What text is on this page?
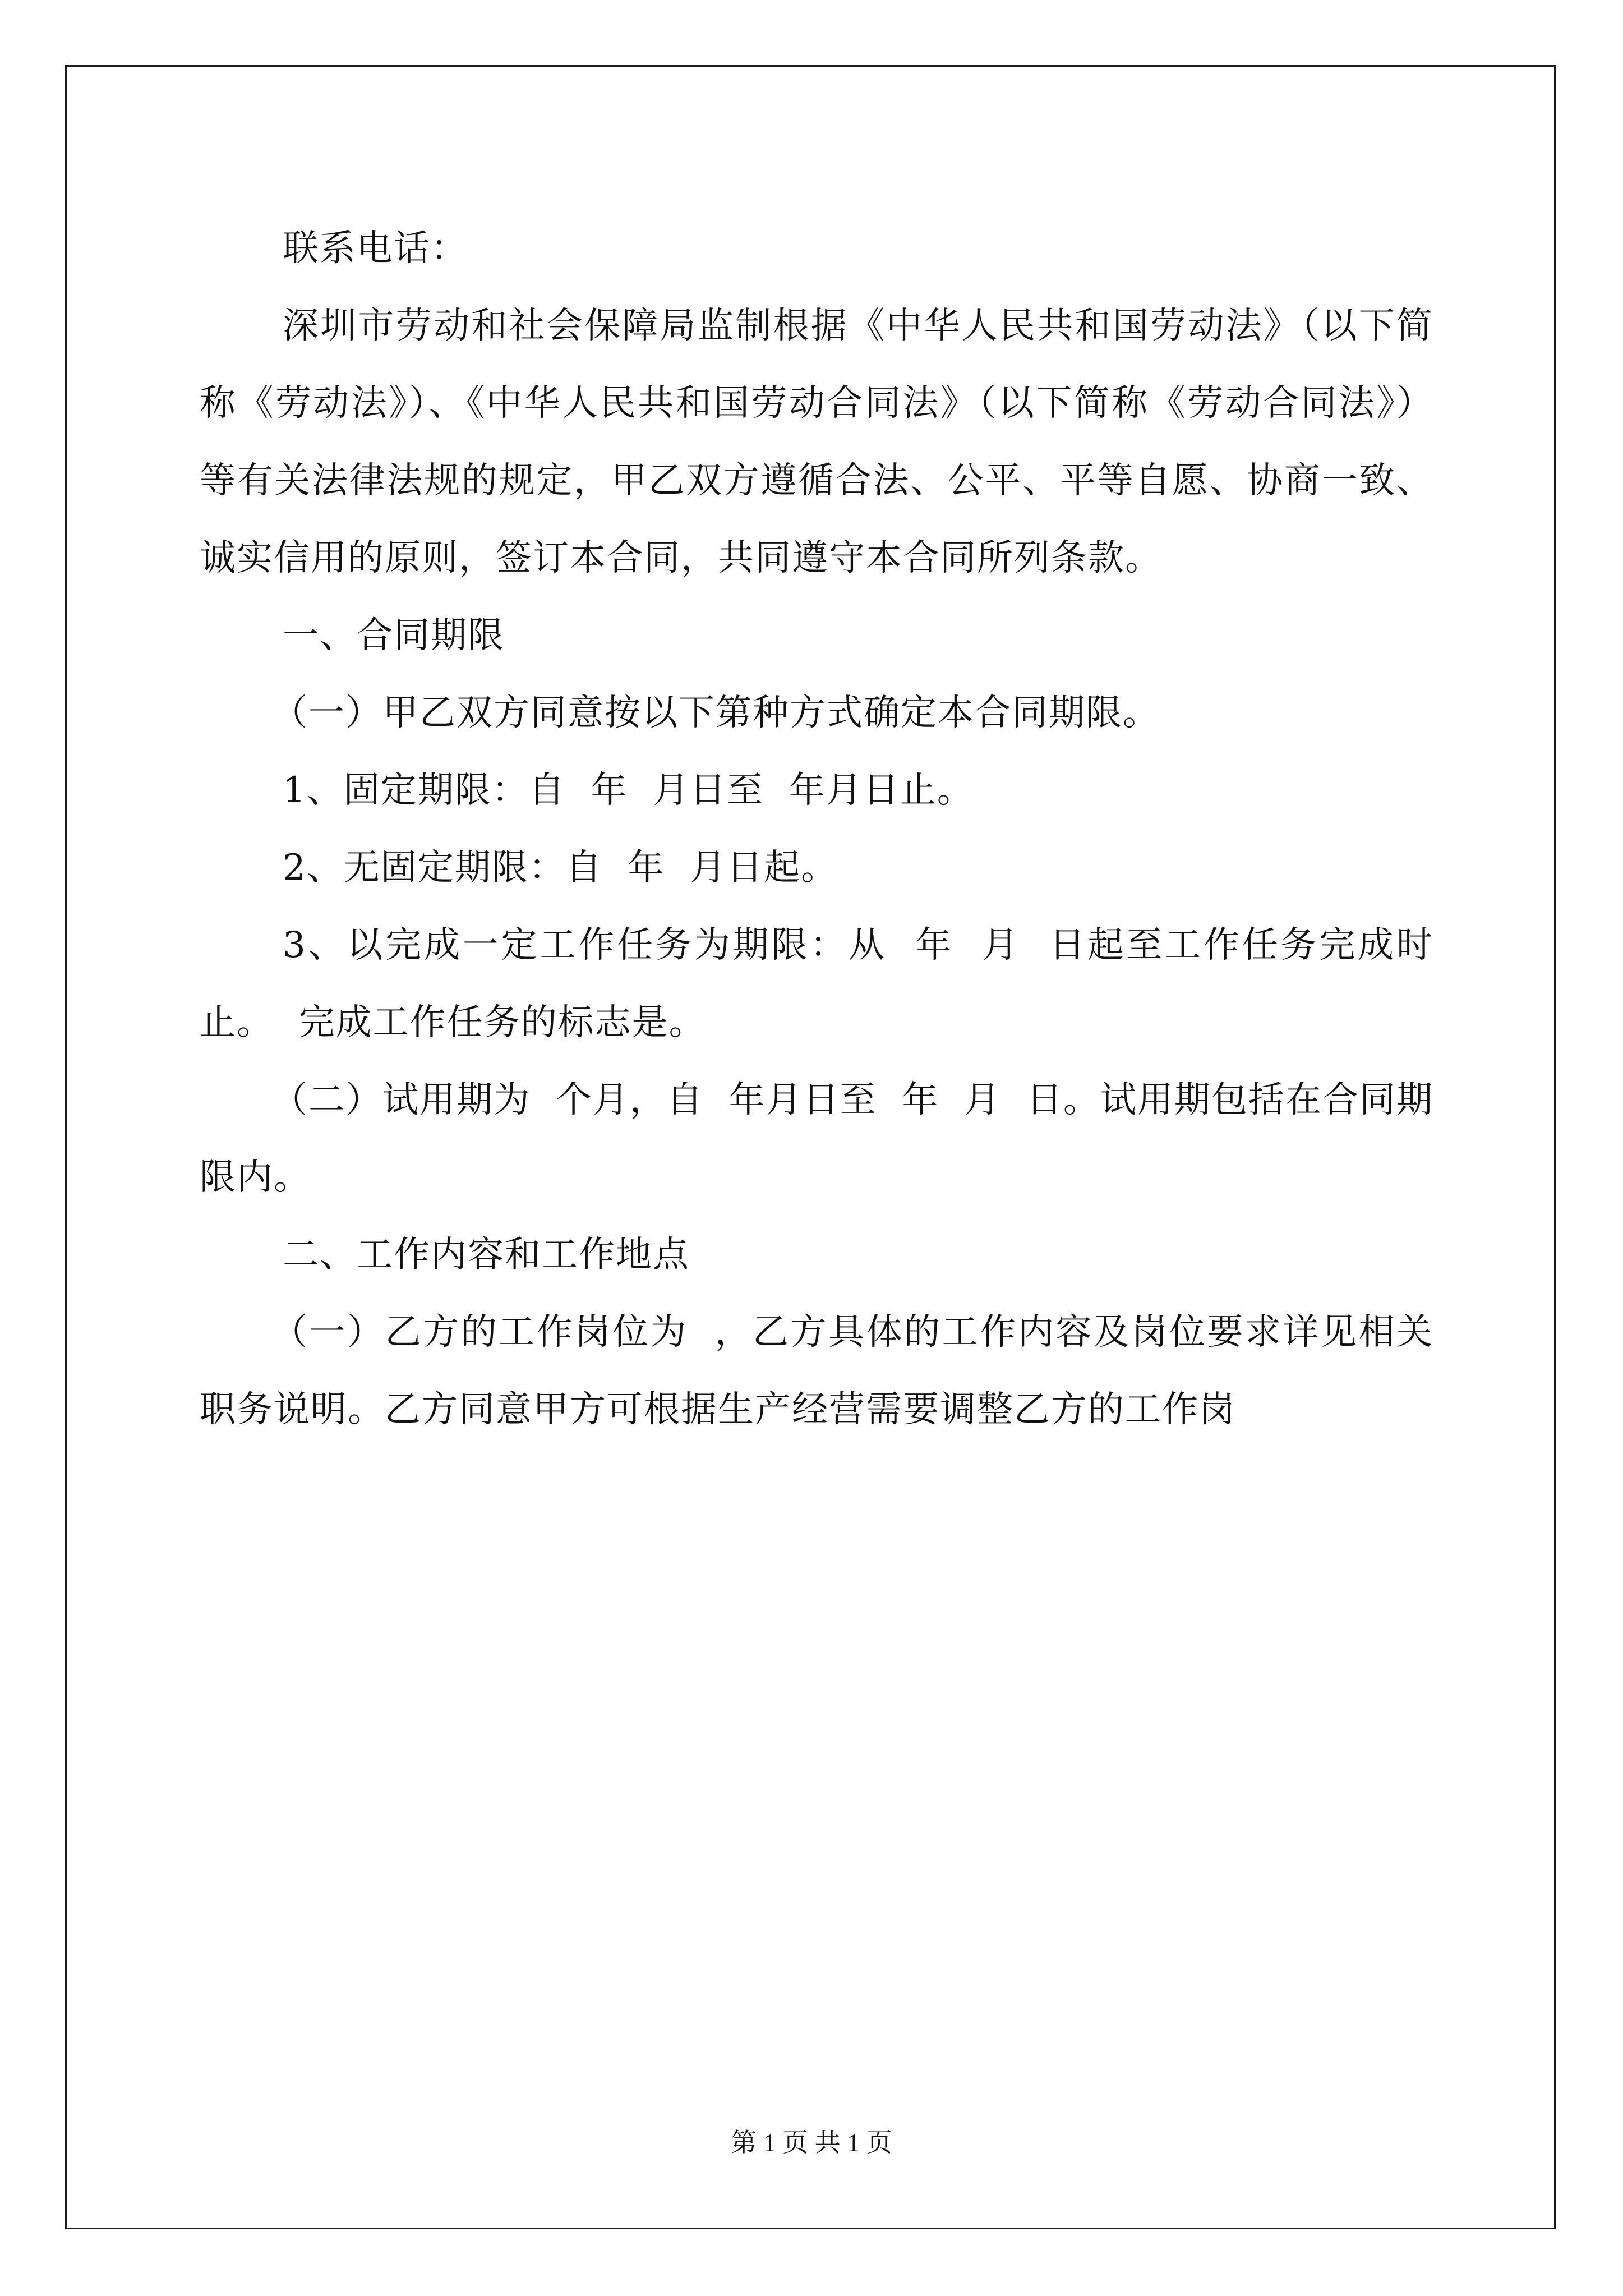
联系电话：

深圳市劳动和社会保障局监制根据《中华人民共和国劳动法》（以下简称《劳动法》）、《中华人民共和国劳动合同法》（以下简称《劳动合同法》）等有关法律法规的规定，甲乙双方遵循合法、公平、平等自愿、协商一致、诚实信用的原则，签订本合同，共同遵守本合同所列条款。

一、合同期限

（一）甲乙双方同意按以下第种方式确定本合同期限。

1、固定期限：自  年  月日至  年月日止。

2、无固定期限：自  年  月日起。

3、以完成一定工作任务为期限：从  年  月  日起至工作任务完成时止。  完成工作任务的标志是。

（二）试用期为  个月，自  年月日至  年  月  日。试用期包括在合同期限内。

二、工作内容和工作地点

（一）乙方的工作岗位为  ，乙方具体的工作内容及岗位要求详见相关职务说明。乙方同意甲方可根据生产经营需要调整乙方的工作岗

第 1 页 共 1 页
